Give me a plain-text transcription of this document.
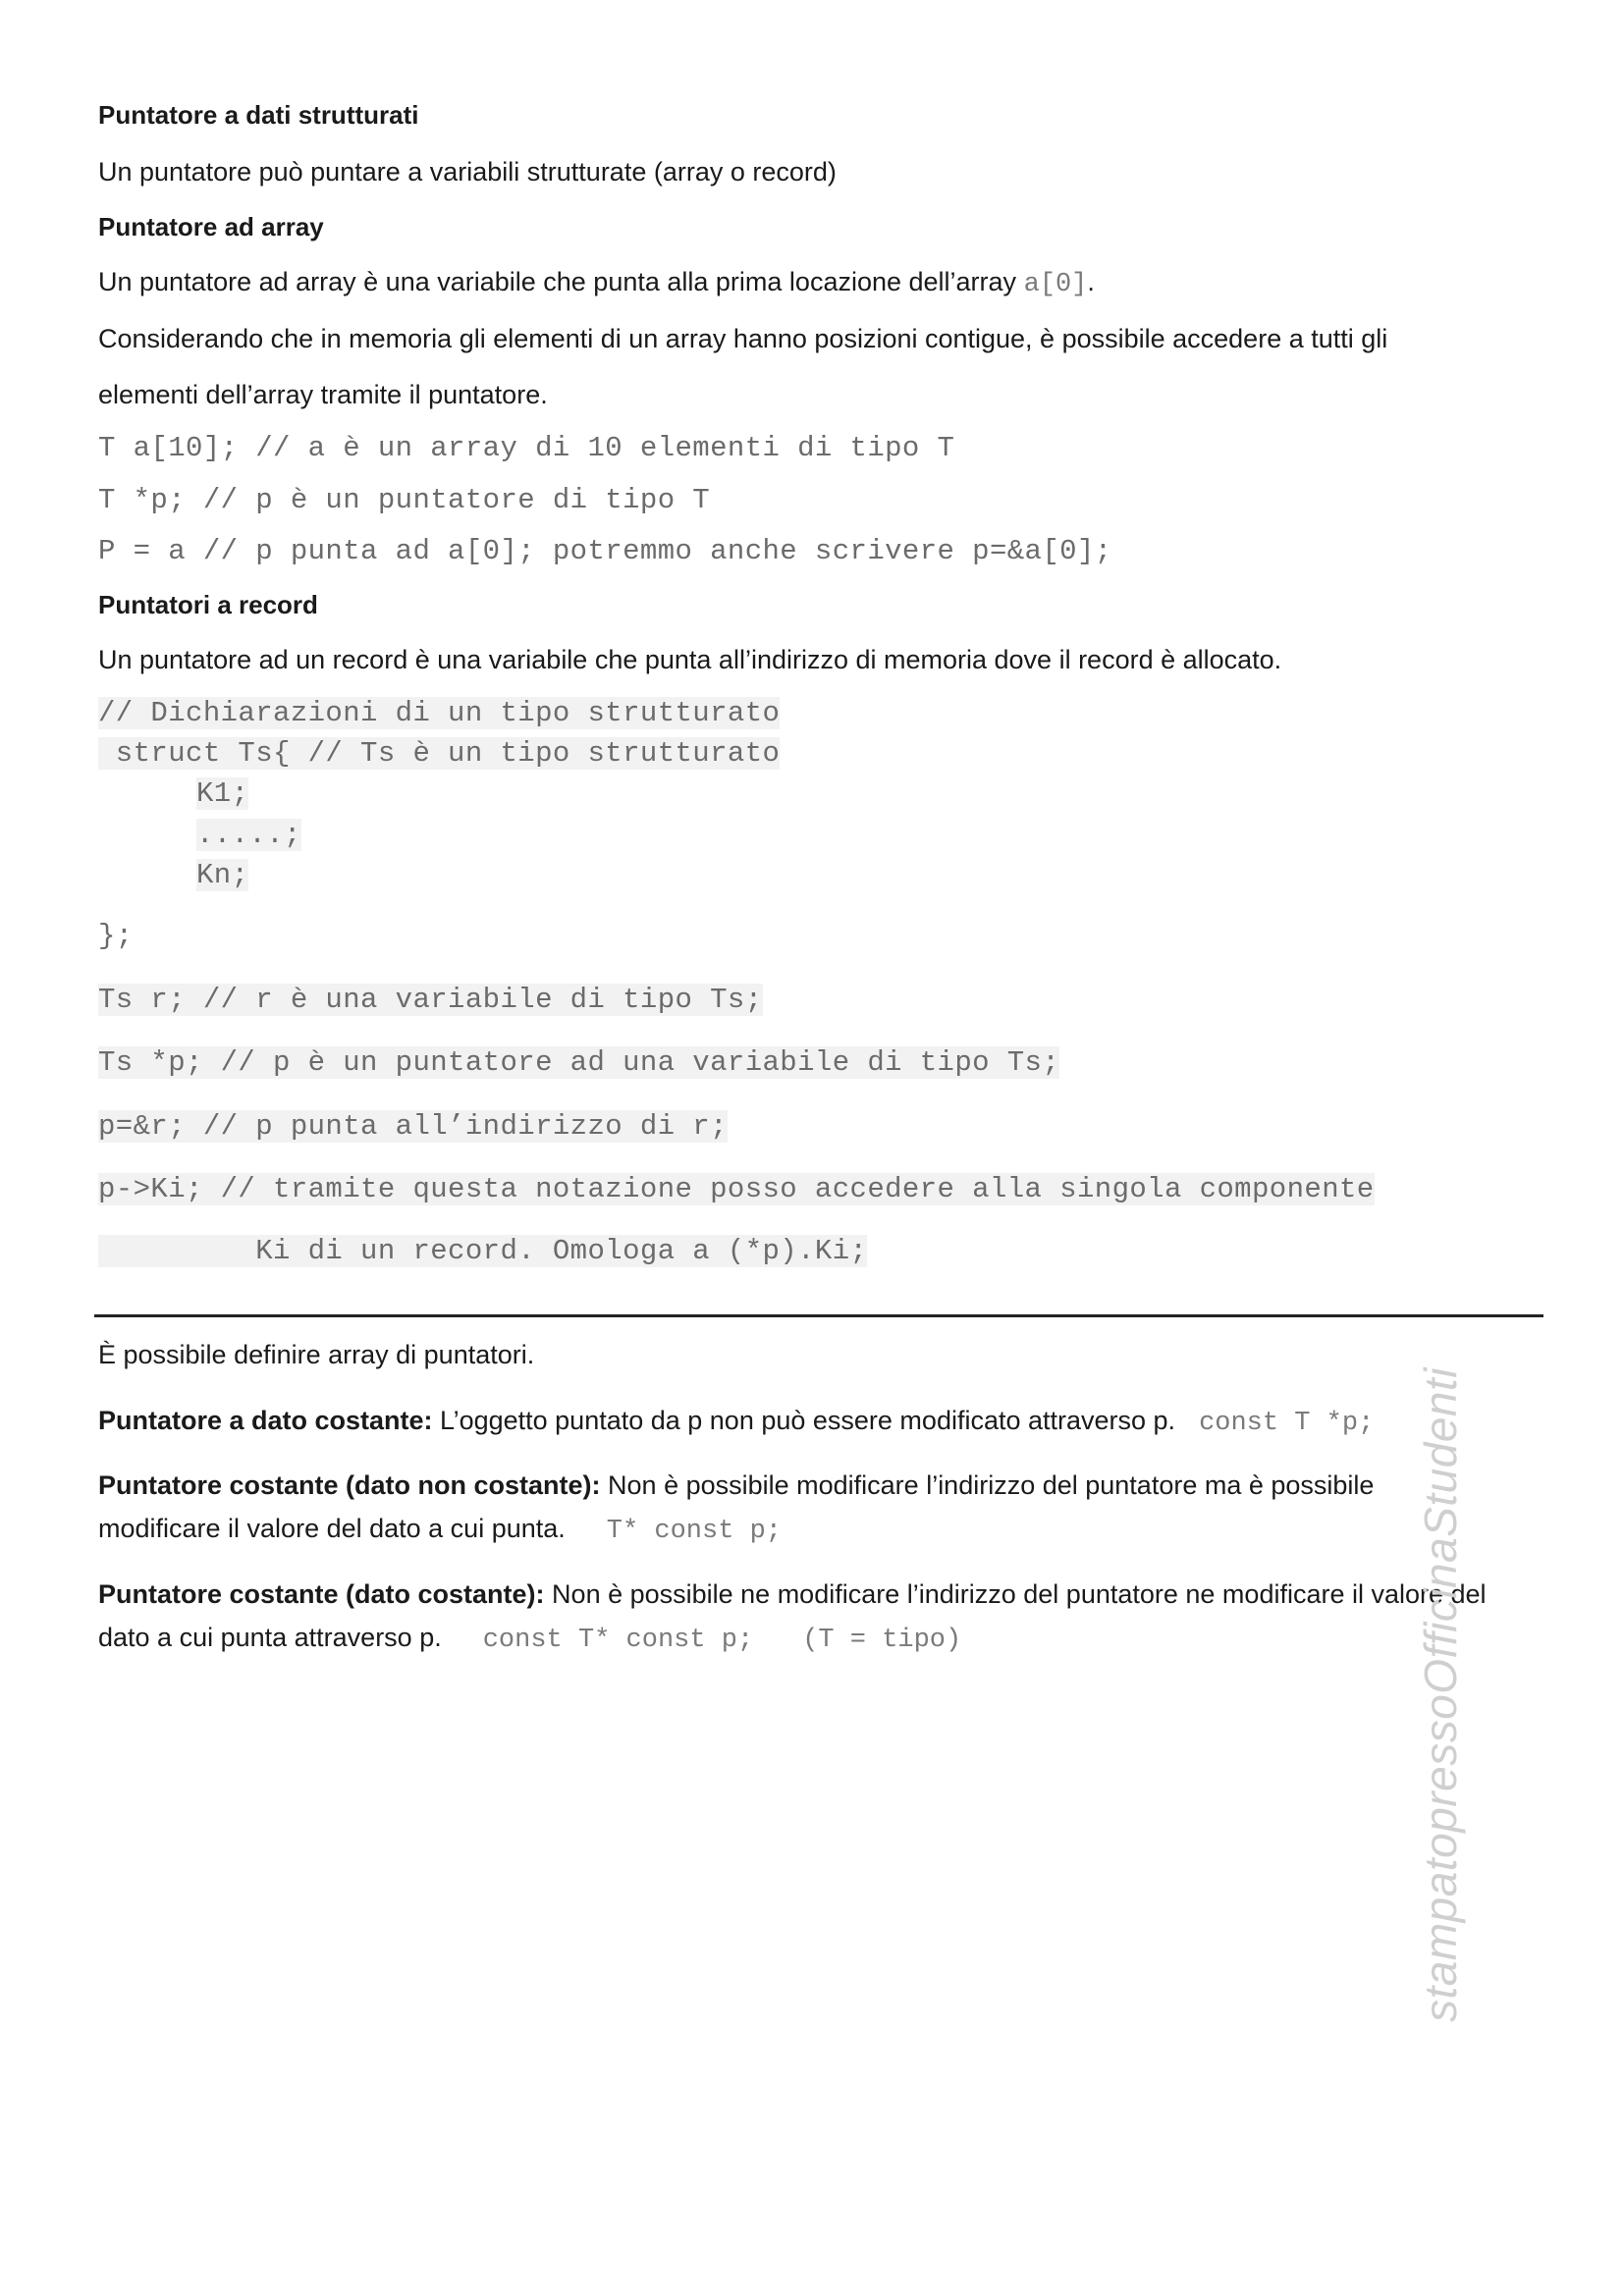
Puntatore a dati strutturati
Un puntatore può puntare a variabili strutturate (array o record)
Puntatore ad array
Un puntatore ad array è una variabile che punta alla prima locazione dell’array a[0].
Considerando che in memoria gli elementi di un array hanno posizioni contigue, è possibile accedere a tutti gli
elementi dell’array tramite il puntatore.
T a[10]; // a è un array di 10 elementi di tipo T
T *p; // p è un puntatore di tipo T
P = a // p punta ad a[0]; potremmo anche scrivere p=&a[0];
Puntatori a record
Un puntatore ad un record è una variabile che punta all’indirizzo di memoria dove il record è allocato.
// Dichiarazioni di un tipo strutturato
struct Ts{ // Ts è un tipo strutturato
K1;
.....;
Kn;
};
Ts r; // r è una variabile di tipo Ts;
Ts *p; // p è un puntatore ad una variabile di tipo Ts;
p=&r; // p punta all’indirizzo di r;
p->Ki; // tramite questa notazione posso accedere alla singola componente
Ki di un record. Omologa a (*p).Ki;
È possibile definire array di puntatori.
Puntatore a dato costante: L’oggetto puntato da p non può essere modificato attraverso p. const T *p;
Puntatore costante (dato non costante): Non è possibile modificare l’indirizzo del puntatore ma è possibile
modificare il valore del dato a cui punta. T* const p;
Puntatore costante (dato costante): Non è possibile ne modificare l’indirizzo del puntatore ne modificare il valore del
dato a cui punta attraverso p. const T* const p; (T = tipo)	stampatopressoOfficinaStudenti
